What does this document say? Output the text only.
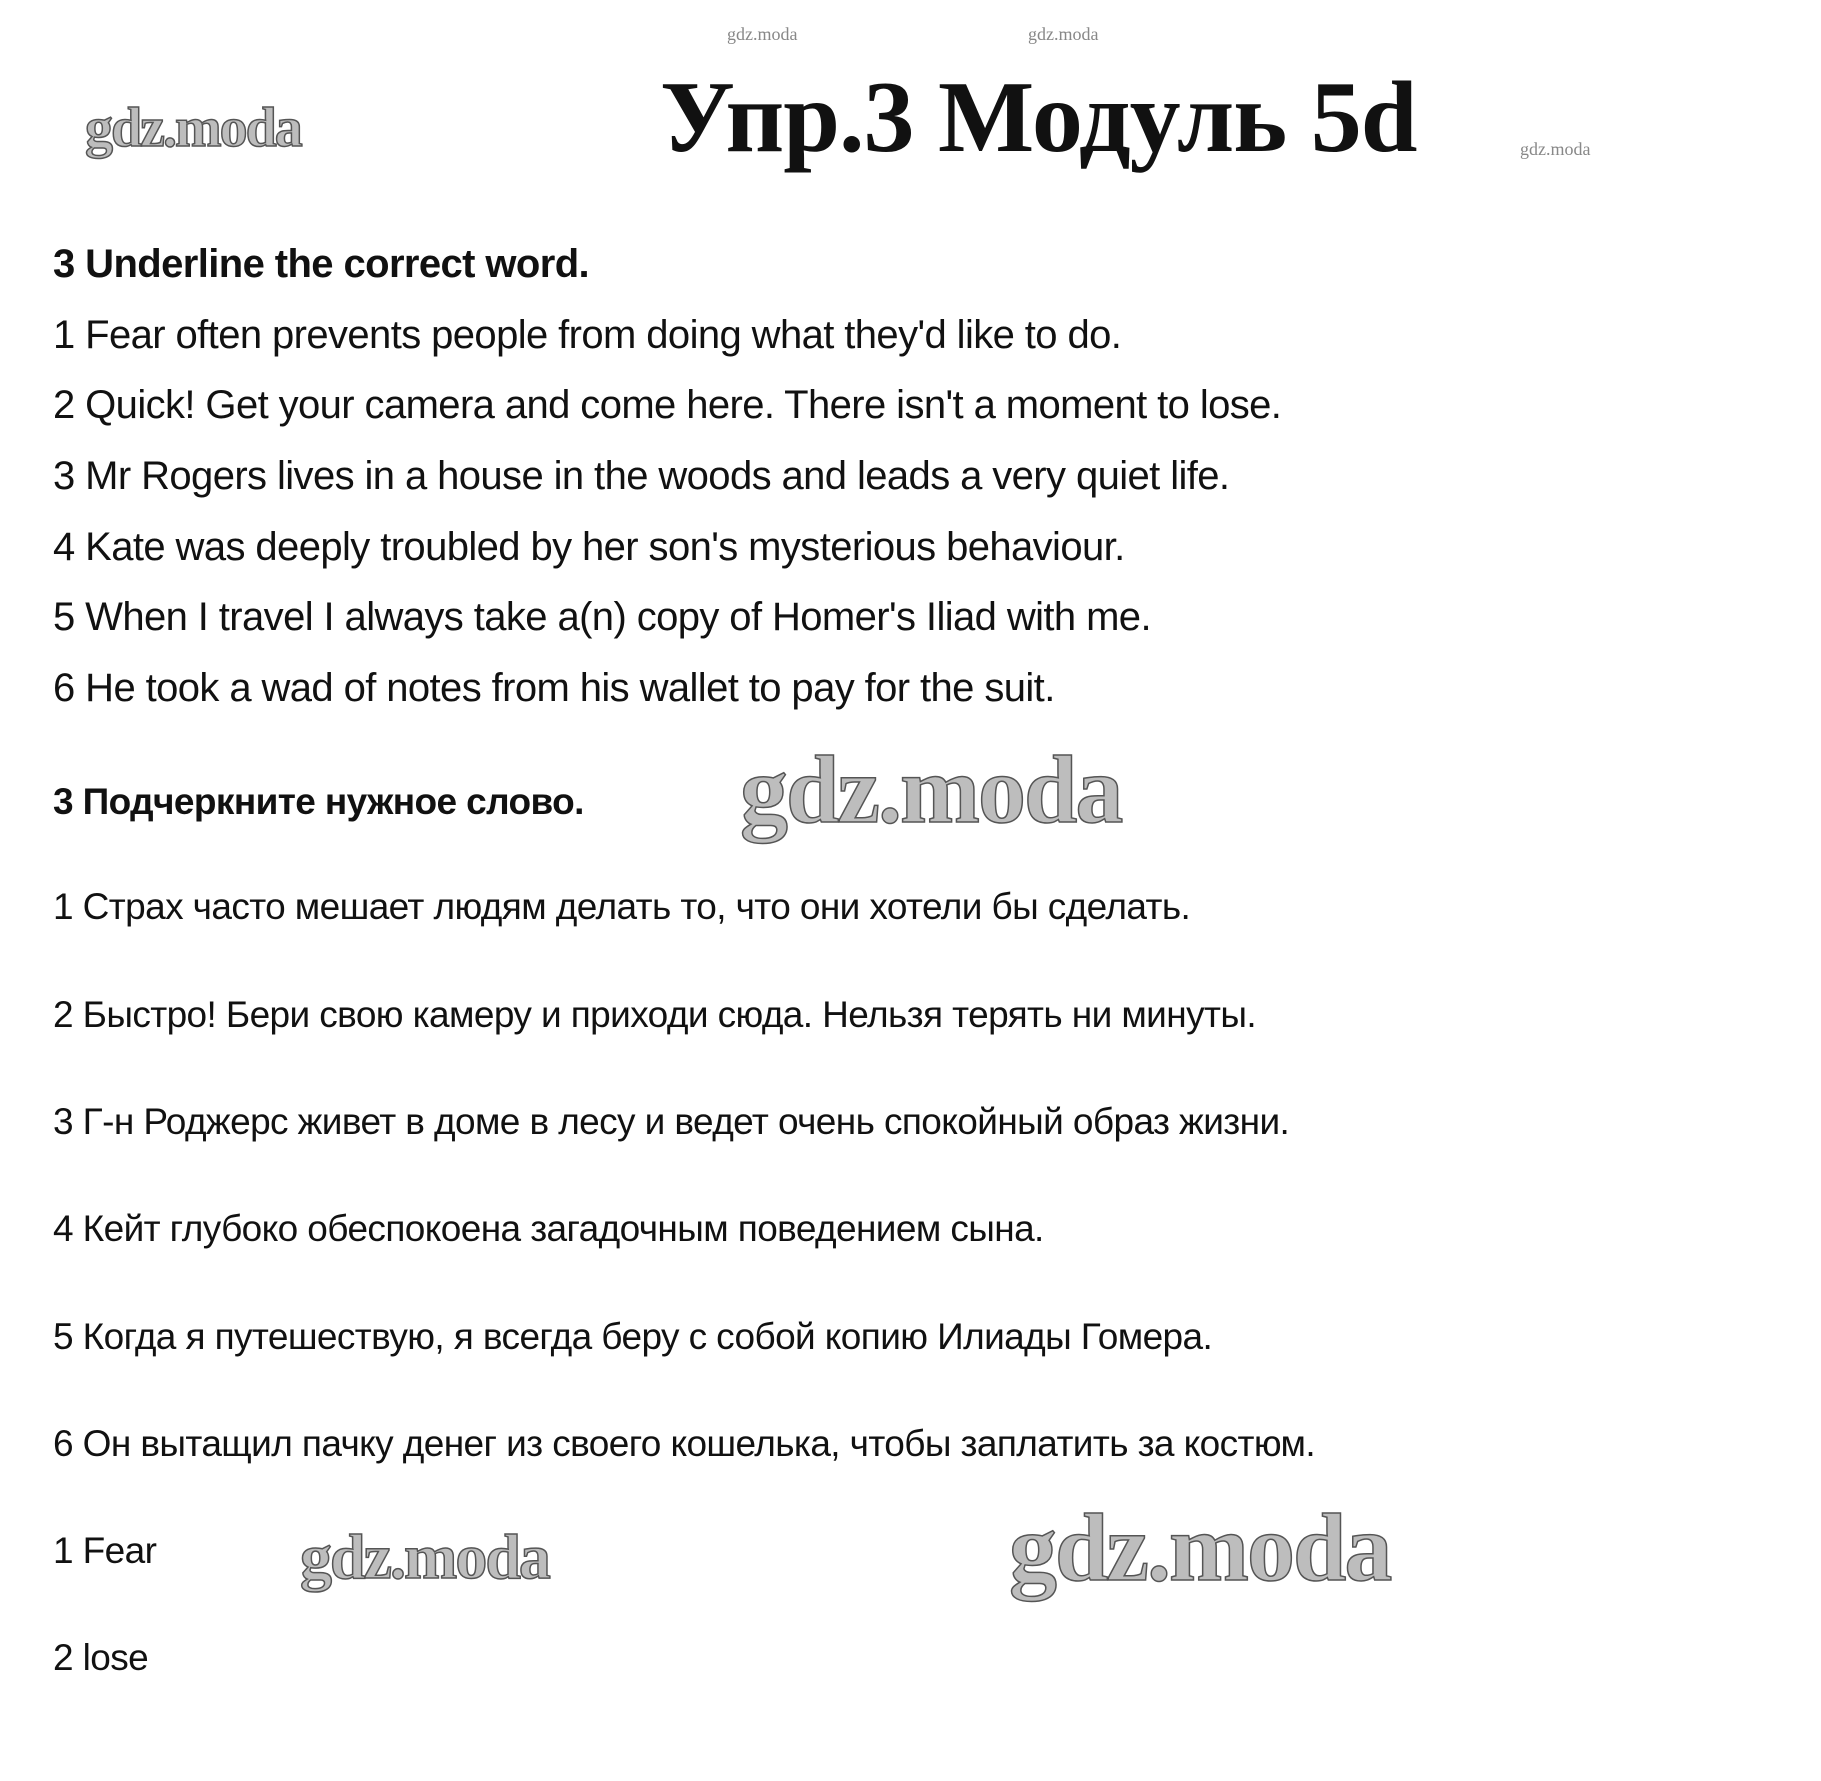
gdz.moda	Упр.3 Модуль 5d
gdz.moda	gdz.moda
gdz.moda
3 Underline the correct word.
1 Fear often prevents people from doing what they'd like to do.
2 Quick! Get your camera and come here. There isn't a moment to lose.
3 Mr Rogers lives in a house in the woods and leads a very quiet life.
4 Kate was deeply troubled by her son's mysterious behaviour.
5 When I travel I always take a(n) copy of Homer's Iliad with me.
6 He took a wad of notes from his wallet to pay for the suit.
3 Подчеркните нужное слово. gdz.moda
1 Страх часто мешает людям делать то, что они хотели бы сделать.
2 Быстро! Бери свою камеру и приходи сюда. Нельзя терять ни минуты.
3 Г-н Роджерс живет в доме в лесу и ведет очень спокойный образ жизни.
4 Кейт глубоко обеспокоена загадочным поведением сына.
5 Когда я путешествую, я всегда беру с собой копию Илиады Гомера.
6 Он вытащил пачку денег из своего кошелька, чтобы заплатить за костюм.
gdz.moda	gdz.moda
1 Fear
2 lose
